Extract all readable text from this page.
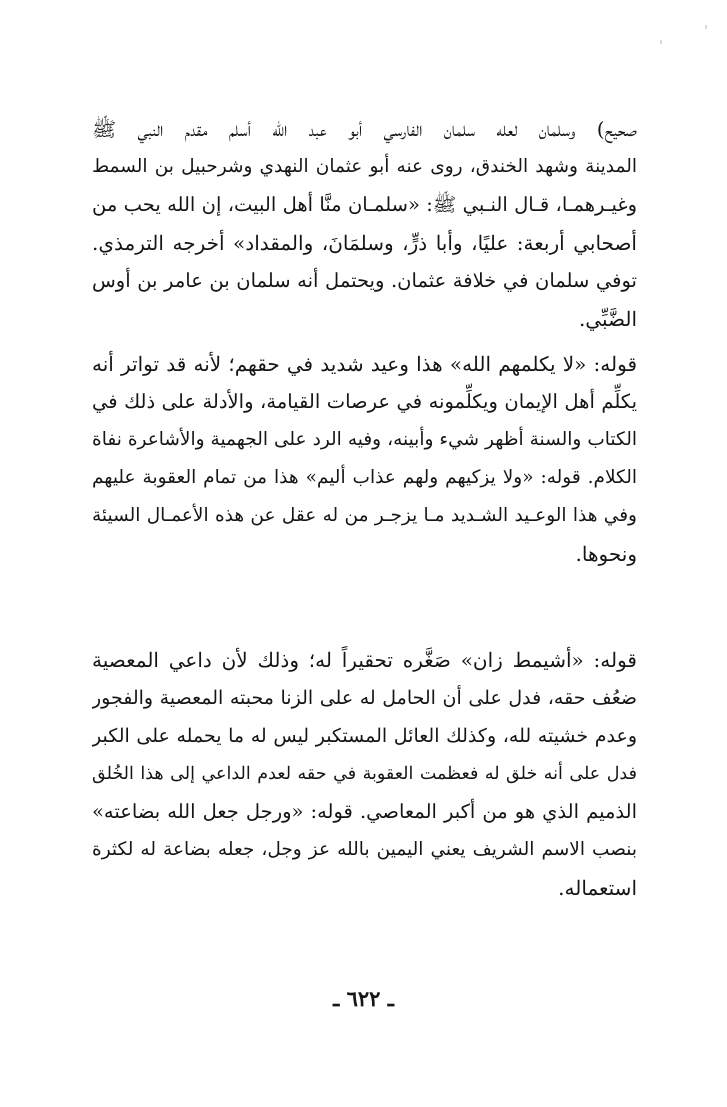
صحيح) وسلمان لعله سلمان الفارسي أبو عبد الله أسلم مقدم النبي ﷺ
المدينة وشهد الخندق، روى عنه أبو عثمان النهدي وشرحبيل بن السمط
وغيـرهمـا، قـال النـبي ﷺ: «سلمـان منَّا أهل البيت، إن الله يحب من
أصحابي أربعة: عليًا، وأبا ذرٍّ، وسلمَانَ، والمقداد» أخرجه الترمذي.
توفي سلمان في خلافة عثمان. ويحتمل أنه سلمان بن عامر بن أوس
الضَّبِّي.
قوله: «لا يكلمهم الله» هذا وعيد شديد في حقهم؛ لأنه قد تواتر أنه
يكلِّم أهل الإيمان ويكلِّمونه في عرصات القيامة، والأدلة على ذلك في
الكتاب والسنة أظهر شيء وأبينه، وفيه الرد على الجهمية والأشاعرة نفاة
الكلام. قوله: «ولا يزكيهم ولهم عذاب أليم» هذا من تمام العقوبة عليهم
وفي هذا الوعـيد الشـديد مـا يزجـر من له عقل عن هذه الأعمـال السيئة
ونحوها.
قوله: «أشيمط زان» صَغَّره تحقيراً له؛ وذلك لأن داعي المعصية
ضعُف حقه، فدل على أن الحامل له على الزنا محبته المعصية والفجور
وعدم خشيته لله، وكذلك العائل المستكبر ليس له ما يحمله على الكبر
فدل على أنه خلق له فعظمت العقوبة في حقه لعدم الداعي إلى هذا الخُلق
الذميم الذي هو من أكبر المعاصي. قوله: «ورجل جعل الله بضاعته»
بنصب الاسم الشريف يعني اليمين بالله عز وجل، جعله بضاعة له لكثرة
استعماله.
ـ ٦٢٢ ـ
